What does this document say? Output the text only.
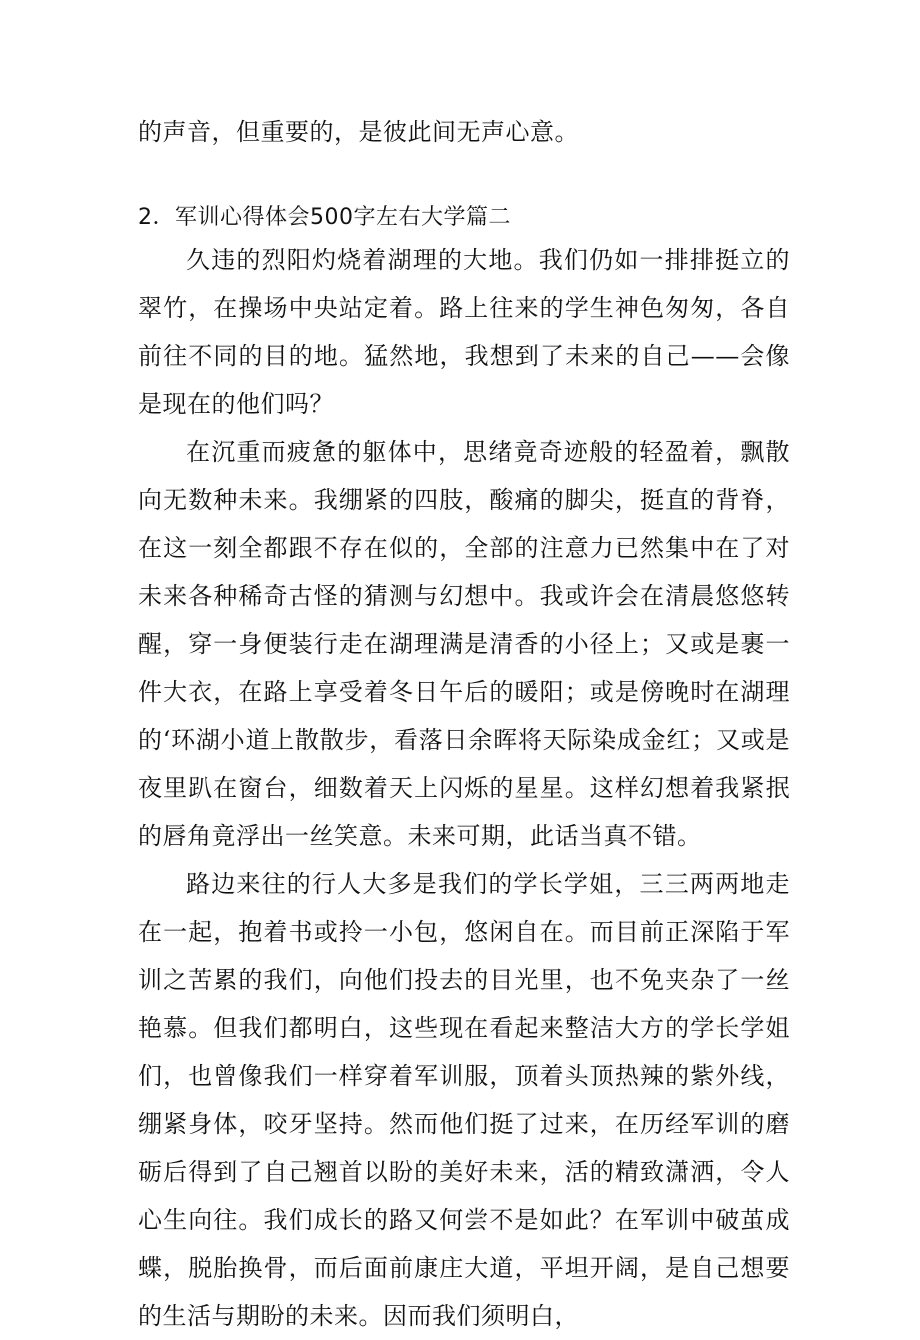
的声音，但重要的，是彼此间无声心意。
2．军训心得体会500字左右大学篇二

久违的烈阳灼烧着湖理的大地。我们仍如一排排挺立的翠竹，在操场中央站定着。路上往来的学生神色匆匆，各自前往不同的目的地。猛然地，我想到了未来的自己——会像是现在的他们吗？

在沉重而疲惫的躯体中，思绪竟奇迹般的轻盈着，飘散向无数种未来。我绷紧的四肢，酸痛的脚尖，挺直的背脊，在这一刻全都跟不存在似的，全部的注意力已然集中在了对未来各种稀奇古怪的猜测与幻想中。我或许会在清晨悠悠转醒，穿一身便装行走在湖理满是清香的小径上；又或是裹一件大衣，在路上享受着冬日午后的暖阳；或是傍晚时在湖理的‘环湖小道上散散步，看落日余晖将天际染成金红；又或是夜里趴在窗台，细数着天上闪烁的星星。这样幻想着我紧抿的唇角竟浮出一丝笑意。未来可期，此话当真不错。

路边来往的行人大多是我们的学长学姐，三三两两地走在一起，抱着书或拎一小包，悠闲自在。而目前正深陷于军训之苦累的我们，向他们投去的目光里，也不免夹杂了一丝艳慕。但我们都明白，这些现在看起来整洁大方的学长学姐们，也曾像我们一样穿着军训服，顶着头顶热辣的紫外线，绷紧身体，咬牙坚持。然而他们挺了过来，在历经军训的磨砺后得到了自己翘首以盼的美好未来，活的精致潇洒，令人心生向往。我们成长的路又何尝不是如此？在军训中破茧成蝶，脱胎换骨，而后面前康庄大道，平坦开阔，是自己想要的生活与期盼的未来。因而我们须明白，
